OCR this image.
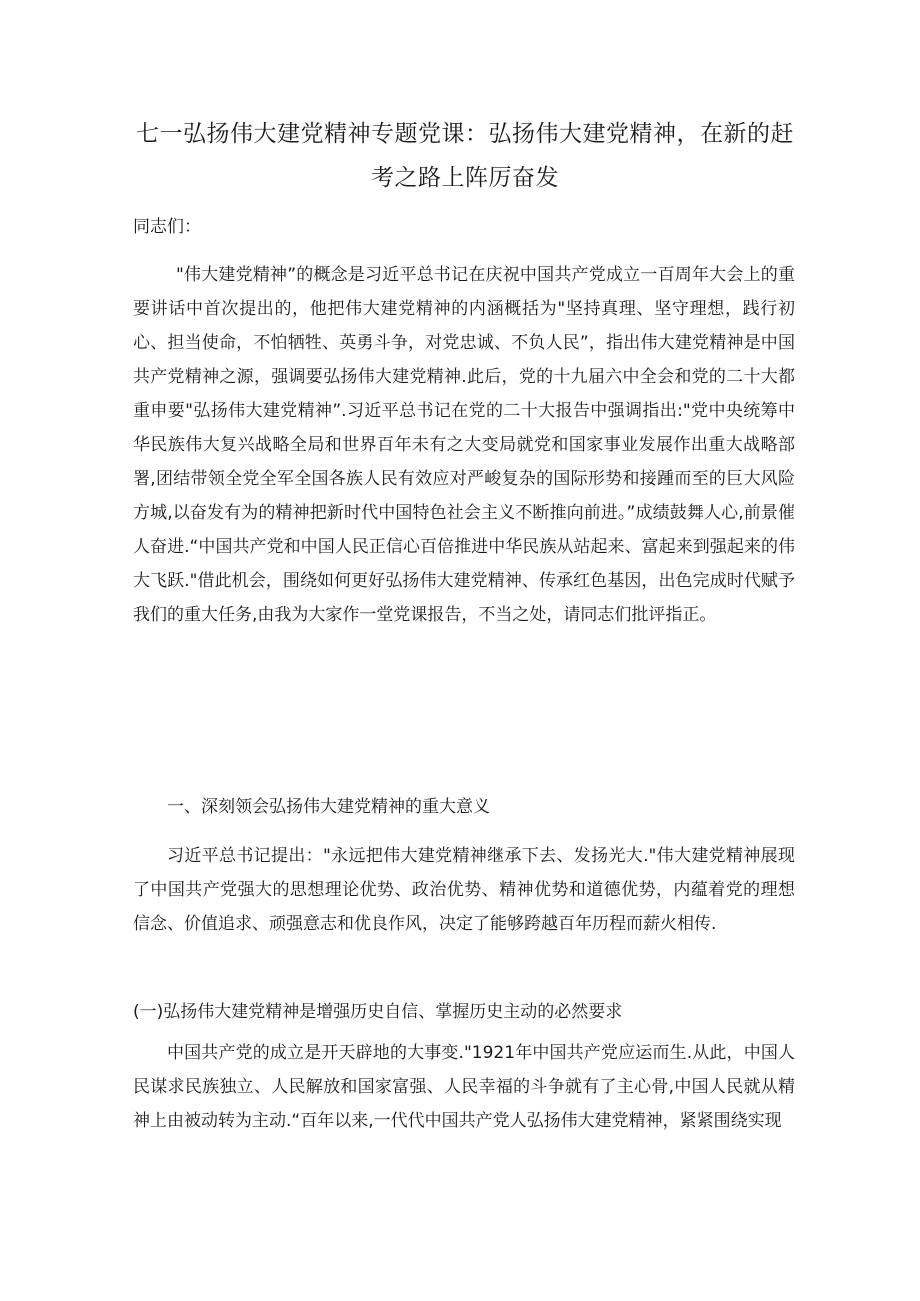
七一弘扬伟大建党精神专题党课：弘扬伟大建党精神，在新的赶
考之路上阵厉奋发

同志们：

"伟大建党精神”的概念是习近平总书记在庆祝中国共产党成立一百周年大会上的重要讲话中首次提出的，他把伟大建党精神的内涵概括为"坚持真理、坚守理想，践行初心、担当使命，不怕牺牲、英勇斗争，对党忠诚、不负人民”，指出伟大建党精神是中国共产党精神之源，强调要弘扬伟大建党精神.此后，党的十九届六中全会和党的二十大都重申要"弘扬伟大建党精神”.习近平总书记在党的二十大报告中强调指出:"党中央统筹中华民族伟大复兴战略全局和世界百年未有之大变局就党和国家事业发展作出重大战略部署,团结带领全党全军全国各族人民有效应对严峻复杂的国际形势和接踵而至的巨大风险方城,以奋发有为的精神把新时代中国特色社会主义不断推向前进。”成绩鼓舞人心,前景催人奋进.“中国共产党和中国人民正信心百倍推进中华民族从站起来、富起来到强起来的伟大飞跃."借此机会，围绕如何更好弘扬伟大建党精神、传承红色基因，出色完成时代赋予我们的重大任务,由我为大家作一堂党课报告，不当之处，请同志们批评指正。

一、深刻领会弘扬伟大建党精神的重大意义

习近平总书记提出："永远把伟大建党精神继承下去、发扬光大."伟大建党精神展现了中国共产党强大的思想理论优势、政治优势、精神优势和道德优势，内蕴着党的理想信念、价值追求、顽强意志和优良作风，决定了能够跨越百年历程而薪火相传.

(一)弘扬伟大建党精神是增强历史自信、掌握历史主动的必然要求

中国共产党的成立是开天辟地的大事变."1921年中国共产党应运而生.从此，中国人民谋求民族独立、人民解放和国家富强、人民幸福的斗争就有了主心骨,中国人民就从精神上由被动转为主动.“百年以来,一代代中国共产党人弘扬伟大建党精神，紧紧围绕实现
